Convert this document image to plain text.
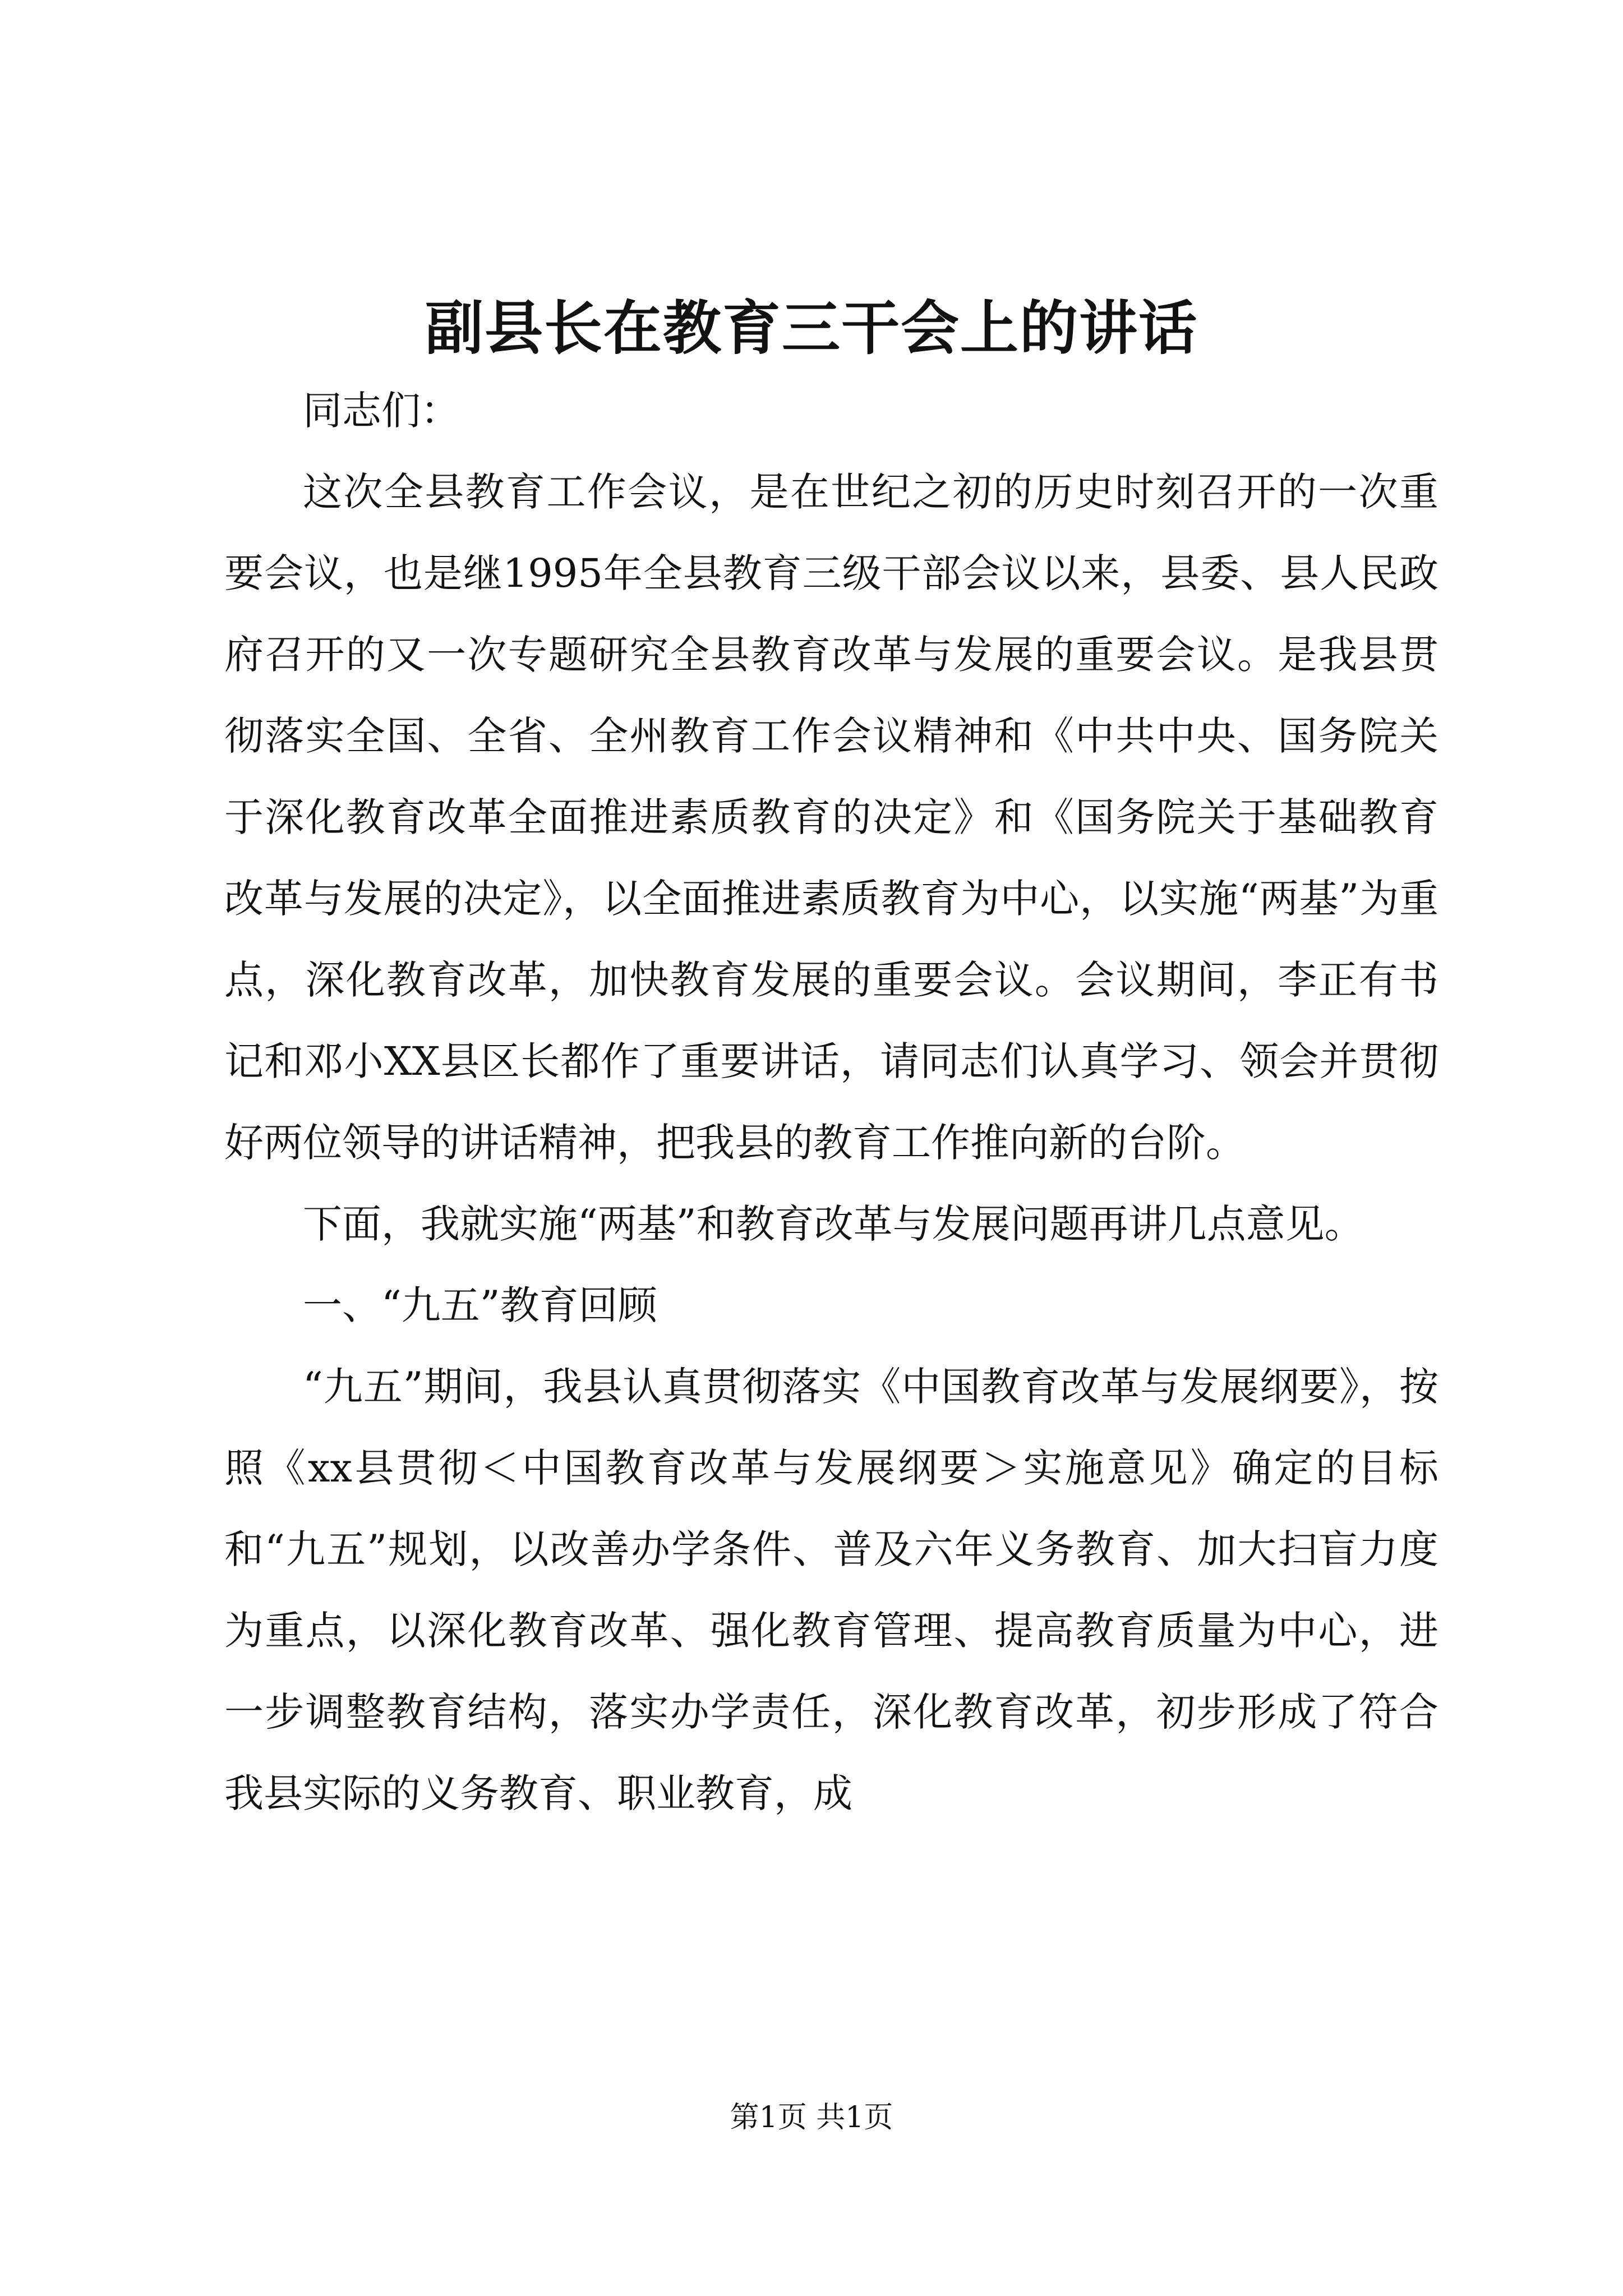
副县长在教育三干会上的讲话

同志们：

这次全县教育工作会议，是在世纪之初的历史时刻召开的一次重要会议，也是继1995年全县教育三级干部会议以来，县委、县人民政府召开的又一次专题研究全县教育改革与发展的重要会议。是我县贯彻落实全国、全省、全州教育工作会议精神和《中共中央、国务院关于深化教育改革全面推进素质教育的决定》和《国务院关于基础教育改革与发展的决定》，以全面推进素质教育为中心，以实施“两基”为重点，深化教育改革，加快教育发展的重要会议。会议期间，李正有书记和邓小XX县区长都作了重要讲话，请同志们认真学习、领会并贯彻好两位领导的讲话精神，把我县的教育工作推向新的台阶。

下面，我就实施“两基”和教育改革与发展问题再讲几点意见。

一、“九五”教育回顾

“九五”期间，我县认真贯彻落实《中国教育改革与发展纲要》，按照《xx县贯彻＜中国教育改革与发展纲要＞实施意见》确定的目标和“九五”规划，以改善办学条件、普及六年义务教育、加大扫盲力度为重点，以深化教育改革、强化教育管理、提高教育质量为中心，进一步调整教育结构，落实办学责任，深化教育改革，初步形成了符合我县实际的义务教育、职业教育，成

第1页 共1页
